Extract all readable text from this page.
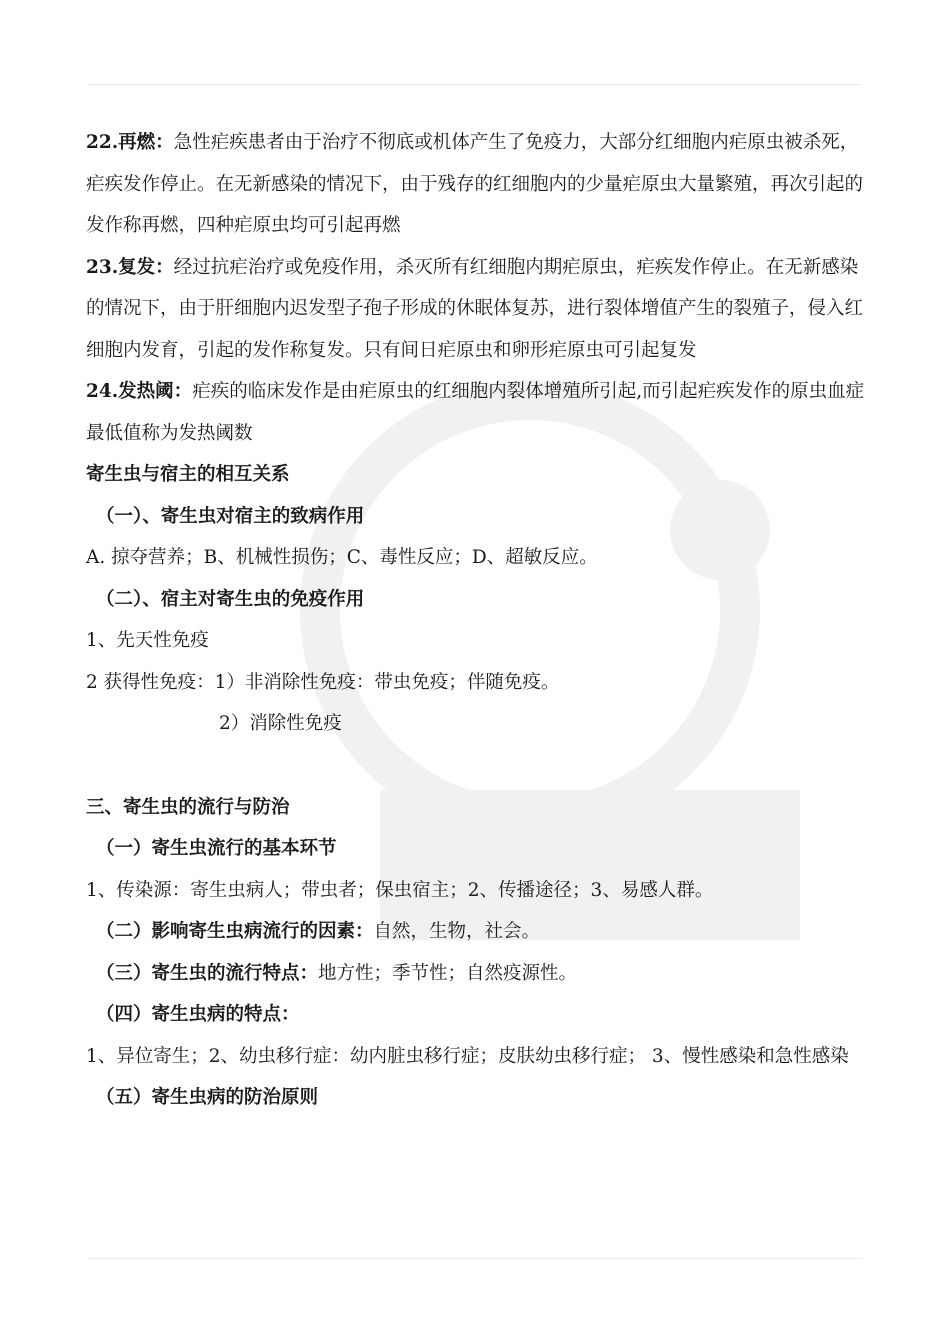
22.再燃：急性疟疾患者由于治疗不彻底或机体产生了免疫力，大部分红细胞内疟原虫被杀死，疟疾发作停止。在无新感染的情况下，由于残存的红细胞内的少量疟原虫大量繁殖，再次引起的发作称再燃，四种疟原虫均可引起再燃

23.复发：经过抗疟治疗或免疫作用，杀灭所有红细胞内期疟原虫，疟疾发作停止。在无新感染的情况下，由于肝细胞内迟发型子孢子形成的休眠体复苏，进行裂体增值产生的裂殖子，侵入红细胞内发育，引起的发作称复发。只有间日疟原虫和卵形疟原虫可引起复发

24.发热阈：疟疾的临床发作是由疟原虫的红细胞内裂体增殖所引起,而引起疟疾发作的原虫血症最低值称为发热阈数

寄生虫与宿主的相互关系

（一）、寄生虫对宿主的致病作用

A. 掠夺营养；B、机械性损伤；C、毒性反应；D、超敏反应。

（二）、宿主对寄生虫的免疫作用

1、先天性免疫

2 获得性免疫：1）非消除性免疫：带虫免疫；伴随免疫。

2）消除性免疫

三、寄生虫的流行与防治

（一）寄生虫流行的基本环节

1、传染源：寄生虫病人；带虫者；保虫宿主；2、传播途径；3、易感人群。

（二）影响寄生虫病流行的因素：自然，生物，社会。

（三）寄生虫的流行特点：地方性；季节性；自然疫源性。

（四）寄生虫病的特点：

1、异位寄生；2、幼虫移行症：幼内脏虫移行症；皮肤幼虫移行症； 3、慢性感染和急性感染

（五）寄生虫病的防治原则
